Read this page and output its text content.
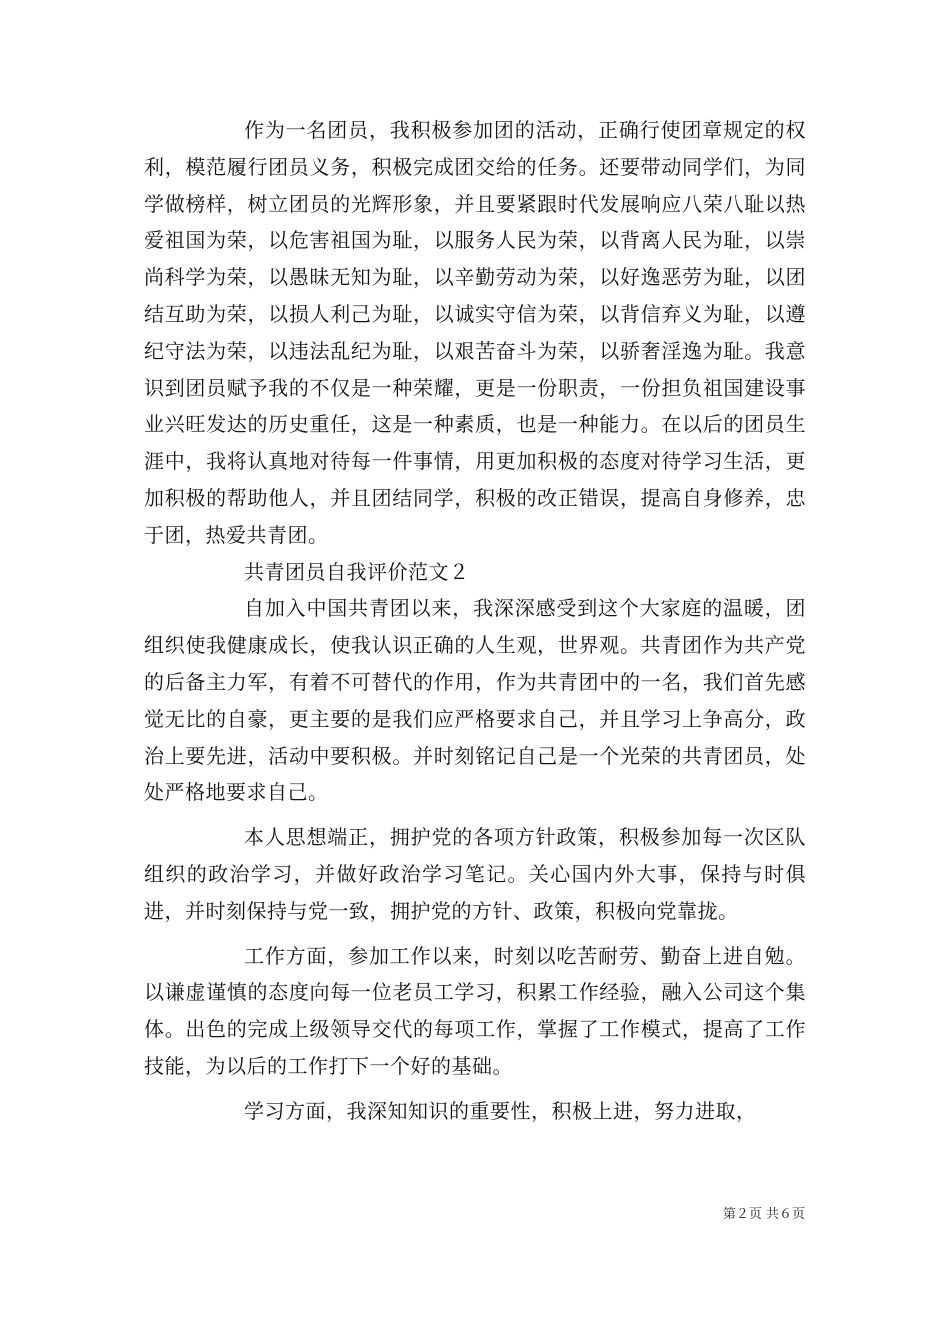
作为一名团员，我积极参加团的活动，正确行使团章规定的权利，模范履行团员义务，积极完成团交给的任务。还要带动同学们，为同学做榜样，树立团员的光辉形象，并且要紧跟时代发展响应八荣八耻以热爱祖国为荣，以危害祖国为耻，以服务人民为荣，以背离人民为耻，以崇尚科学为荣，以愚昧无知为耻，以辛勤劳动为荣，以好逸恶劳为耻，以团结互助为荣，以损人利己为耻，以诚实守信为荣，以背信弃义为耻，以遵纪守法为荣，以违法乱纪为耻，以艰苦奋斗为荣，以骄奢淫逸为耻。我意识到团员赋予我的不仅是一种荣耀，更是一份职责，一份担负祖国建设事业兴旺发达的历史重任，这是一种素质，也是一种能力。在以后的团员生涯中，我将认真地对待每一件事情，用更加积极的态度对待学习生活，更加积极的帮助他人，并且团结同学，积极的改正错误，提高自身修养，忠于团，热爱共青团。

共青团员自我评价范文２

自加入中国共青团以来，我深深感受到这个大家庭的温暖，团组织使我健康成长，使我认识正确的人生观，世界观。共青团作为共产党的后备主力军，有着不可替代的作用，作为共青团中的一名，我们首先感觉无比的自豪，更主要的是我们应严格要求自己，并且学习上争高分，政治上要先进，活动中要积极。并时刻铭记自己是一个光荣的共青团员，处处严格地要求自己。

本人思想端正，拥护党的各项方针政策，积极参加每一次区队组织的政治学习，并做好政治学习笔记。关心国内外大事，保持与时俱进，并时刻保持与党一致，拥护党的方针、政策，积极向党靠拢。

工作方面，参加工作以来，时刻以吃苦耐劳、勤奋上进自勉。以谦虚谨慎的态度向每一位老员工学习，积累工作经验，融入公司这个集体。出色的完成上级领导交代的每项工作，掌握了工作模式，提高了工作技能，为以后的工作打下一个好的基础。

学习方面，我深知知识的重要性，积极上进，努力进取，

第２页 共６页
